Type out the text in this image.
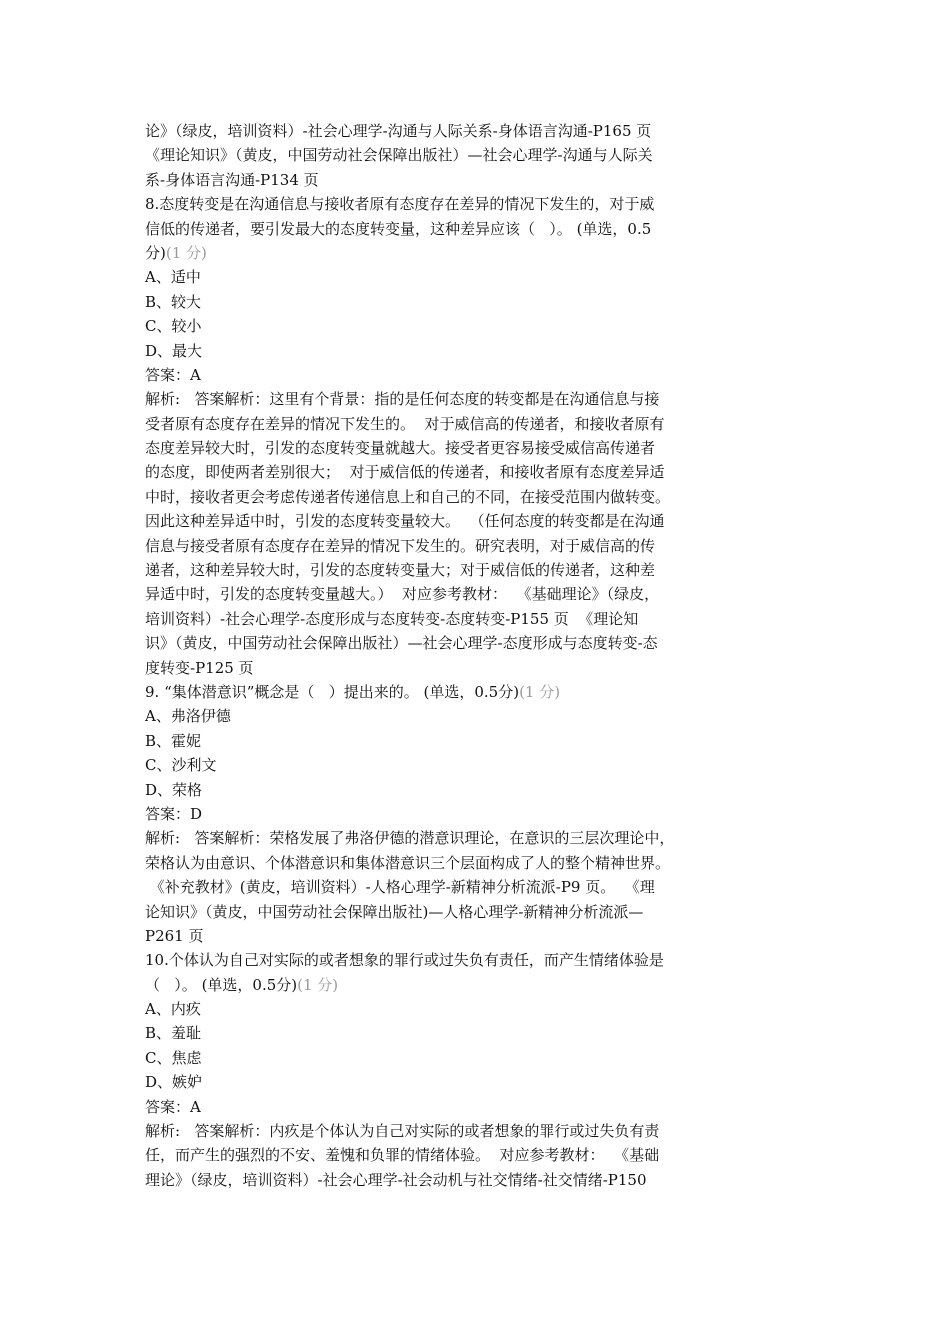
论》（绿皮，培训资料）-社会心理学-沟通与人际关系-身体语言沟通-P165 页
《理论知识》（黄皮，中国劳动社会保障出版社）—社会心理学-沟通与人际关
系-身体语言沟通-P134 页
8.态度转变是在沟通信息与接收者原有态度存在差异的情况下发生的，对于威
信低的传递者，要引发最大的态度转变量，这种差异应该（   ）。 (单选，0.5
分)(1 分)
A、适中
B、较大
C、较小
D、最大
答案：A
解析:   答案解析：这里有个背景：指的是任何态度的转变都是在沟通信息与接
受者原有态度存在差异的情况下发生的。  对于威信高的传递者，和接收者原有
态度差异较大时，引发的态度转变量就越大。接受者更容易接受威信高传递者
的态度，即使两者差别很大；  对于威信低的传递者，和接收者原有态度差异适
中时，接收者更会考虑传递者传递信息上和自己的不同，在接受范围内做转变。
因此这种差异适中时，引发的态度转变量较大。  （任何态度的转变都是在沟通
信息与接受者原有态度存在差异的情况下发生的。研究表明，对于威信高的传
递者，这种差异较大时，引发的态度转变量大；对于威信低的传递者，这种差
异适中时，引发的态度转变量越大。）  对应参考教材：  《基础理论》（绿皮，
培训资料）-社会心理学-态度形成与态度转变-态度转变-P155 页  《理论知
识》（黄皮，中国劳动社会保障出版社）—社会心理学-态度形成与态度转变-态
度转变-P125 页
9. “集体潜意识”概念是（   ）提出来的。 (单选，0.5分)(1 分)
A、弗洛伊德
B、霍妮
C、沙利文
D、荣格
答案：D
解析:   答案解析：荣格发展了弗洛伊德的潜意识理论，在意识的三层次理论中，
荣格认为由意识、个体潜意识和集体潜意识三个层面构成了人的整个精神世界。
《补充教材》(黄皮，培训资料）-人格心理学-新精神分析流派-P9 页。  《理
论知识》（黄皮，中国劳动社会保障出版社)—人格心理学-新精神分析流派—
P261 页
10.个体认为自己对实际的或者想象的罪行或过失负有责任，而产生情绪体验是
（   ）。 (单选，0.5分)(1 分)
A、内疚
B、羞耻
C、焦虑
D、嫉妒
答案：A
解析:   答案解析：内疚是个体认为自己对实际的或者想象的罪行或过失负有责
任，而产生的强烈的不安、羞愧和负罪的情绪体验。  对应参考教材：  《基础
理论》（绿皮，培训资料）-社会心理学-社会动机与社交情绪-社交情绪-P150
